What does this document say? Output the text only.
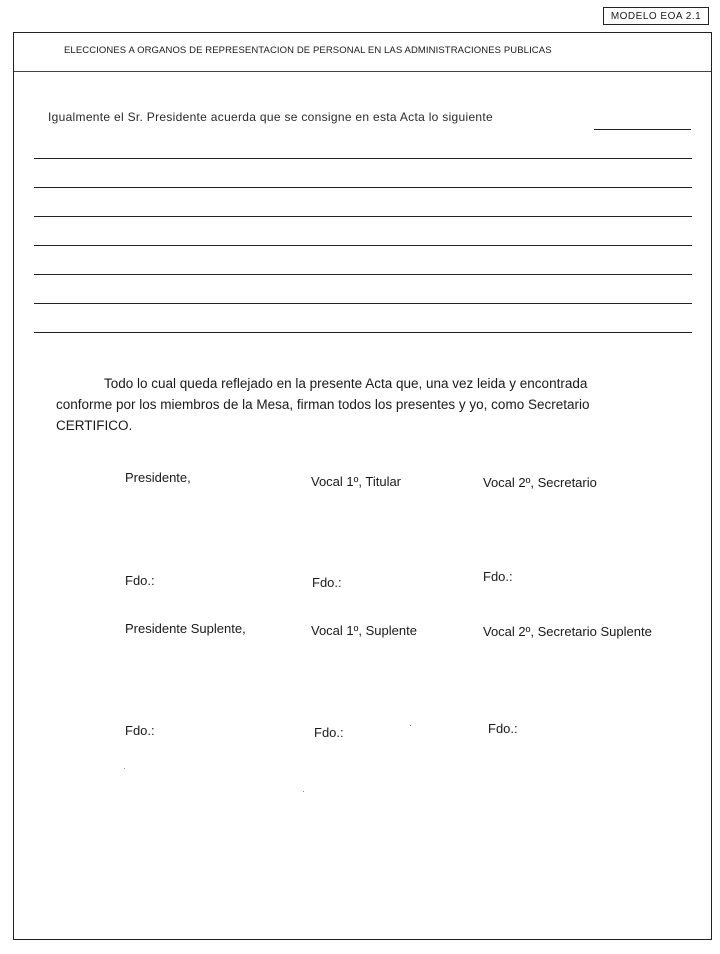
MODELO EOA 2.1
ELECCIONES A ORGANOS DE REPRESENTACION DE PERSONAL EN LAS ADMINISTRACIONES PUBLICAS
Igualmente el Sr. Presidente acuerda que se consigne en esta Acta lo siguiente
Todo lo cual queda reflejado en la presente Acta que, una vez leida y encontrada
conforme por los miembros de la Mesa, firman todos los presentes y yo, como Secretario
CERTIFICO.
Presidente,	Vocal 1º, Titular	Vocal 2º, Secretario
Fdo.:	Fdo.:	Fdo.:
Presidente Suplente,	Vocal 1º, Suplente	Vocal 2º, Secretario Suplente
Fdo.:	Fdo.:	Fdo.:
